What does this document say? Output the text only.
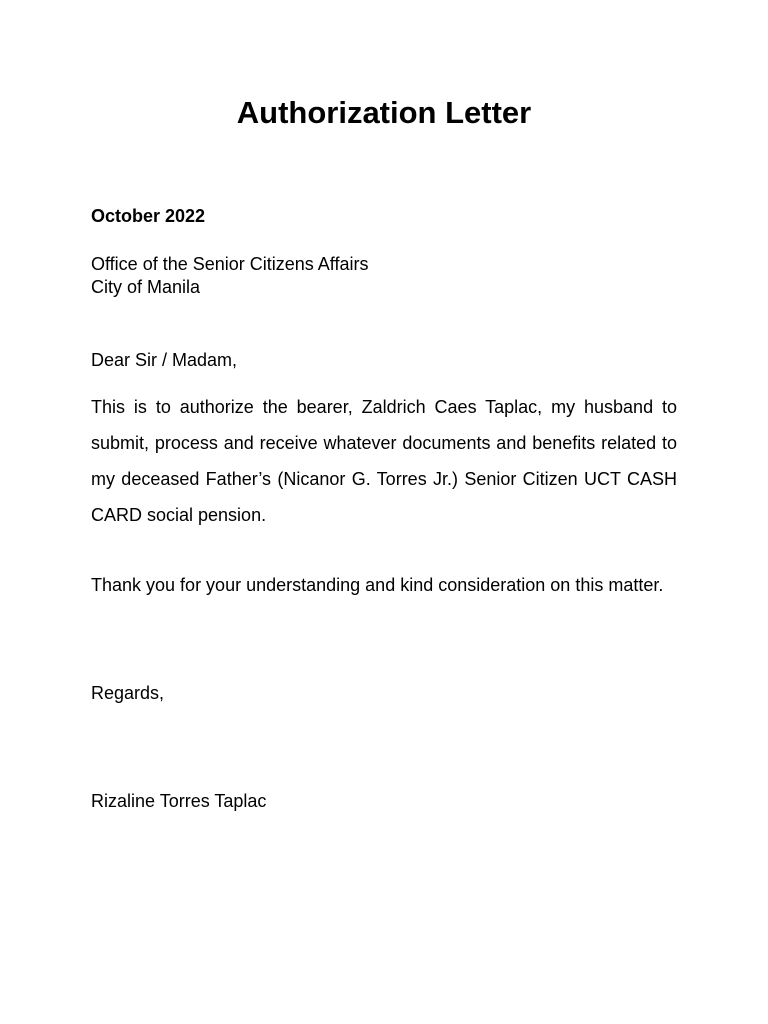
Authorization Letter

October 2022

Office of the Senior Citizens Affairs
City of Manila

Dear Sir / Madam,

This is to authorize the bearer, Zaldrich Caes Taplac, my husband to submit, process and receive whatever documents and benefits related to my deceased Father’s (Nicanor G. Torres Jr.) Senior Citizen UCT CASH CARD social pension.

Thank you for your understanding and kind consideration on this matter.

Regards,

Rizaline Torres Taplac
